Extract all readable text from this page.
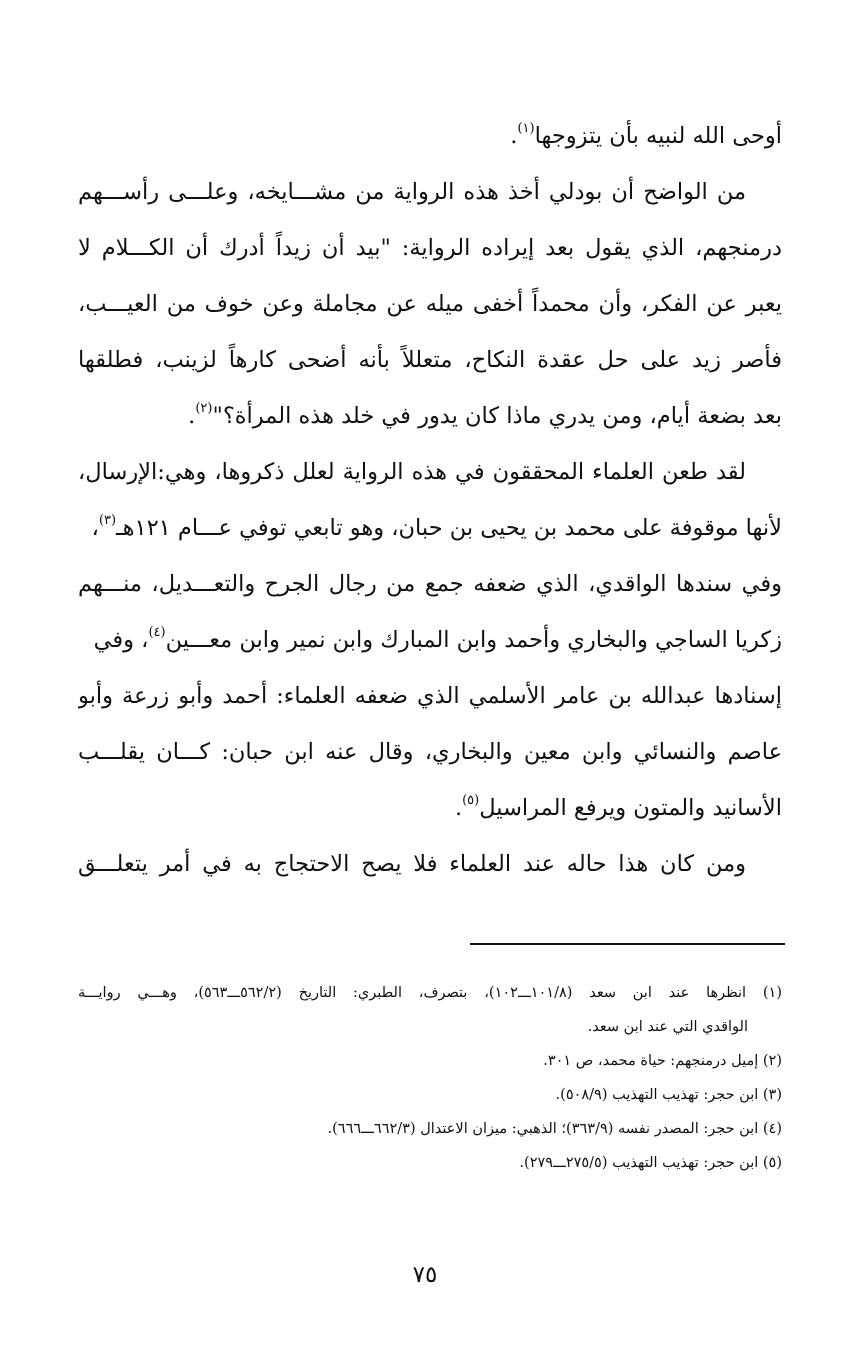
أوحى الله لنبيه بأن يتزوجها$^{(١)}$.
من الواضح أن بودلي أخذ هذه الرواية من مشـــايخه، وعلـــى رأســـهم
درمنجهم، الذي يقول بعد إيراده الرواية: "بيد أن زيداً أدرك أن الكـــلام لا
يعبر عن الفكر، وأن محمداً أخفى ميله عن مجاملة وعن خوف من العيـــب،
فأصر زيد على حل عقدة النكاح، متعللاً بأنه أضحى كارهاً لزينب، فطلقها
بعد بضعة أيام، ومن يدري ماذا كان يدور في خلد هذه المرأة؟"$^{(٢)}$.
لقد طعن العلماء المحققون في هذه الرواية لعلل ذكروها، وهي:الإرسال،
لأنها موقوفة على محمد بن يحيى بن حبان، وهو تابعي توفي عـــام ١٢١هـ$^{(٣)}$،
وفي سندها الواقدي، الذي ضعفه جمع من رجال الجرح والتعـــديل، منـــهم
زكريا الساجي والبخاري وأحمد وابن المبارك وابن نمير وابن معـــين$^{(٤)}$، وفي
إسنادها عبدالله بن عامر الأسلمي الذي ضعفه العلماء: أحمد وأبو زرعة وأبو
عاصم والنسائي وابن معين والبخاري، وقال عنه ابن حبان: كـــان يقلـــب
الأسانيد والمتون ويرفع المراسيل$^{(٥)}$.
ومن كان هذا حاله عند العلماء فلا يصح الاحتجاج به في أمر يتعلـــق
(١) انظرها عند ابن سعد (١٠١/٨ـــ١٠٢)، بتصرف، الطبري: التاريخ (٥٦٢/٢ـــ٥٦٣)، وهـــي روايـــة
الواقدي التي عند ابن سعد.
(٢) إميل درمنجهم: حياة محمد، ص ٣٠١.
(٣) ابن حجر: تهذيب التهذيب (٥٠٨/٩).
(٤) ابن حجر: المصدر نفسه (٣٦٣/٩)؛ الذهبي: ميزان الاعتدال (٦٦٢/٣ـــ٦٦٦).
(٥) ابن حجر: تهذيب التهذيب (٢٧٥/٥ـــ٢٧٩).
٧٥
